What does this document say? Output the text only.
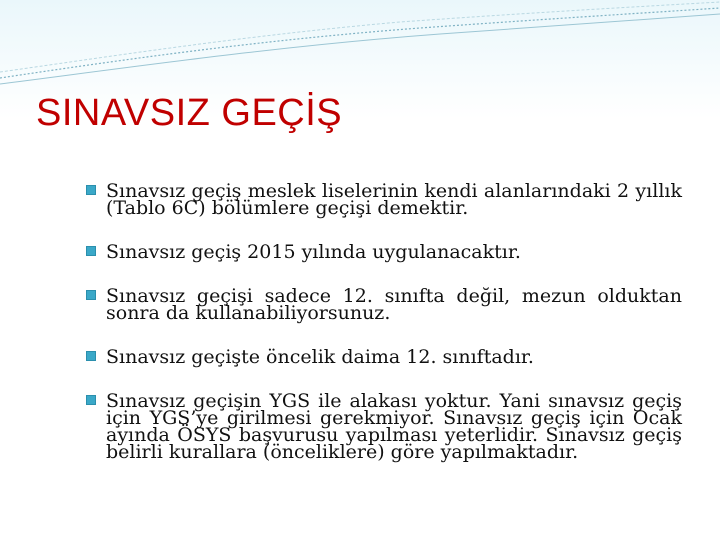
SINAVSIZ GEÇİŞ

Sınavsız geçiş meslek liselerinin kendi alanlarındaki 2 yıllık (Tablo 6C) bölümlere geçişi demektir.

Sınavsız geçiş 2015 yılında uygulanacaktır.

Sınavsız geçişi sadece 12. sınıfta değil, mezun olduktan sonra da kullanabiliyorsunuz.

Sınavsız geçişte öncelik daima 12. sınıftadır.

Sınavsız geçişin YGS ile alakası yoktur. Yani sınavsız geçiş için YGS’ye girilmesi gerekmiyor. Sınavsız geçiş için Ocak ayında ÖSYS başvurusu yapılması yeterlidir. Sınavsız geçiş belirli kurallara (önceliklere) göre yapılmaktadır.
